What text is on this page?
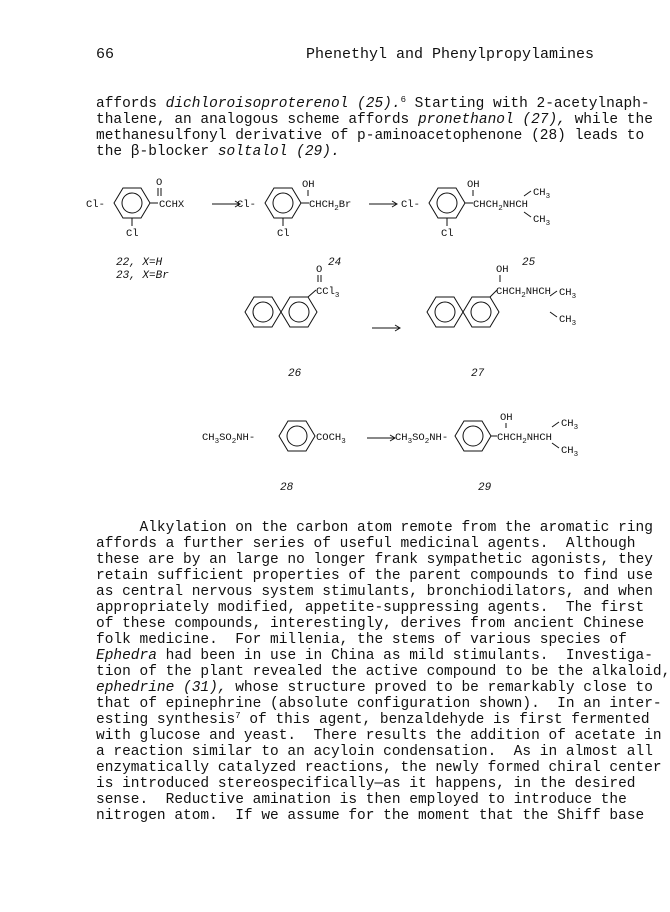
66	Phenethyl and Phenylpropylamines
affords dichloroisoproterenol (25).$^6$ Starting with 2-acetylnaph-
thalene, an analogous scheme affords pronethanol (27), while the
methanesulfonyl derivative of p-aminoacetophenone (28) leads to
the β-blocker soltalol (29).
Cl-
Cl
O
CCHX
22, X=H
23, X=Br
Cl-
Cl
OH
$CHCH_2Br$
24
Cl-
Cl
OH
$CHCH_2NHCH$
$CH_3$
$CH_3$
25
O
CCl$_3$
26
OH
$CHCH_2NHCH$ $CH_3$
$CH_3$
27
$CH_3SO_2NH-$	$COCH_3$
28
$CH_3SO_2NH-$
OH
$CHCH_2NHCH$
$CH_3$
$CH_3$
29
Alkylation on the carbon atom remote from the aromatic ring
affords a further series of useful medicinal agents.  Although
these are by an large no longer frank sympathetic agonists, they
retain sufficient properties of the parent compounds to find use
as central nervous system stimulants, bronchiodilators, and when
appropriately modified, appetite-suppressing agents.  The first
of these compounds, interestingly, derives from ancient Chinese
folk medicine.  For millenia, the stems of various species of
Ephedra had been in use in China as mild stimulants.  Investiga-
tion of the plant revealed the active compound to be the alkaloid,
ephedrine (31), whose structure proved to be remarkably close to
that of epinephrine (absolute configuration shown).  In an inter-
esting synthesis$^7$ of this agent, benzaldehyde is first fermented
with glucose and yeast.  There results the addition of acetate in
a reaction similar to an acyloin condensation.  As in almost all
enzymatically catalyzed reactions, the newly formed chiral center
is introduced stereospecifically—as it happens, in the desired
sense.  Reductive amination is then employed to introduce the
nitrogen atom.  If we assume for the moment that the Shiff base
